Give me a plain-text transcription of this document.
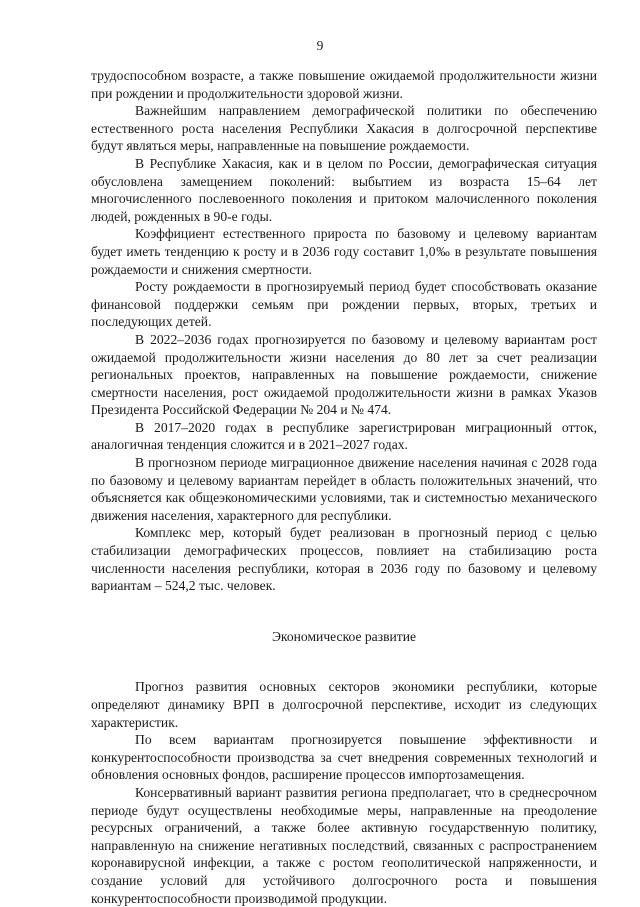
9

трудоспособном возрасте, а также повышение ожидаемой продолжительности жизни при рождении и продолжительности здоровой жизни.

Важнейшим направлением демографической политики по обеспечению естественного роста населения Республики Хакасия в долгосрочной перспективе будут являться меры, направленные на повышение рождаемости.

В Республике Хакасия, как и в целом по России, демографическая ситуация обусловлена замещением поколений: выбытием из возраста 15–64 лет многочисленного послевоенного поколения и притоком малочисленного поколения людей, рожденных в 90-е годы.

Коэффициент естественного прироста по базовому и целевому вариантам будет иметь тенденцию к росту и в 2036 году составит 1,0‰ в результате повышения рождаемости и снижения смертности.

Росту рождаемости в прогнозируемый период будет способствовать оказание финансовой поддержки семьям при рождении первых, вторых, третьих и последующих детей.

В 2022–2036 годах прогнозируется по базовому и целевому вариантам рост ожидаемой продолжительности жизни населения до 80 лет за счет реализации региональных проектов, направленных на повышение рождаемости, снижение смертности населения, рост ожидаемой продолжительности жизни в рамках Указов Президента Российской Федерации № 204 и № 474.

В 2017–2020 годах в республике зарегистрирован миграционный отток, аналогичная тенденция сложится и в 2021–2027 годах.

В прогнозном периоде миграционное движение населения начиная с 2028 года по базовому и целевому вариантам перейдет в область положительных значений, что объясняется как общеэкономическими условиями, так и системностью механического движения населения, характерного для республики.

Комплекс мер, который будет реализован в прогнозный период с целью стабилизации демографических процессов, повлияет на стабилизацию роста численности населения республики, которая в 2036 году по базовому и целевому вариантам – 524,2 тыс. человек.

Экономическое развитие

Прогноз развития основных секторов экономики республики, которые определяют динамику ВРП в долгосрочной перспективе, исходит из следующих характеристик.

По всем вариантам прогнозируется повышение эффективности и конкурентоспособности производства за счет внедрения современных технологий и обновления основных фондов, расширение процессов импортозамещения.

Консервативный вариант развития региона предполагает, что в среднесрочном периоде будут осуществлены необходимые меры, направленные на преодоление ресурсных ограничений, а также более активную государственную политику, направленную на снижение негативных последствий, связанных с распространением коронавирусной инфекции, а также с ростом геополитической напряженности, и создание условий для устойчивого долгосрочного роста и повышения конкурентоспособности производимой продукции.
